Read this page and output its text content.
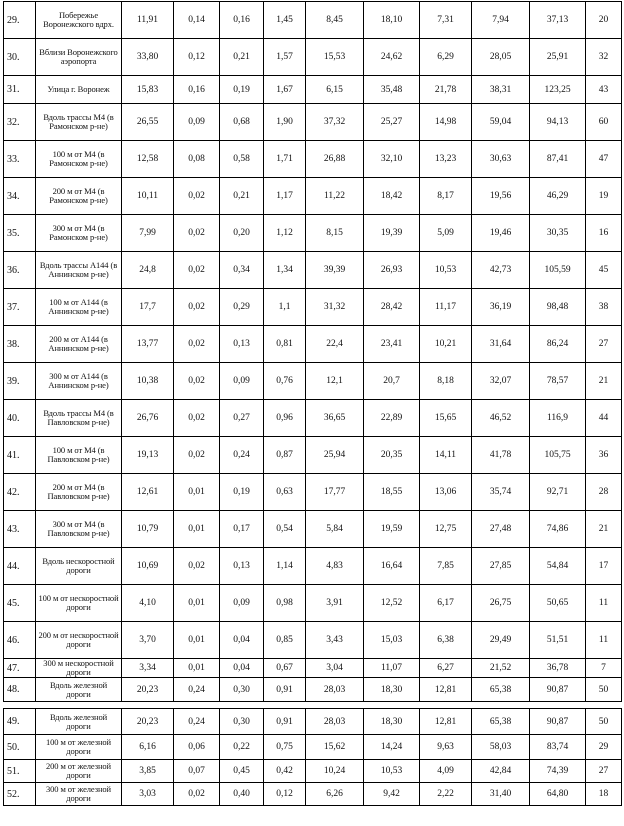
29.	Побережье Воронежского вдрх.	11,91	0,14	0,16	1,45	8,45	18,10	7,31	7,94	37,13	20
30.	Вблизи Воронежского аэропорта	33,80	0,12	0,21	1,57	15,53	24,62	6,29	28,05	25,91	32
31.	Улица г. Воронеж	15,83	0,16	0,19	1,67	6,15	35,48	21,78	38,31	123,25	43
32.	Вдоль трассы М4 (в Рамонском р-не)	26,55	0,09	0,68	1,90	37,32	25,27	14,98	59,04	94,13	60
33.	100 м от М4 (в Рамонском р-не)	12,58	0,08	0,58	1,71	26,88	32,10	13,23	30,63	87,41	47
34.	200 м от М4 (в Рамонском р-не)	10,11	0,02	0,21	1,17	11,22	18,42	8,17	19,56	46,29	19
35.	300 м от М4 (в Рамонском р-не)	7,99	0,02	0,20	1,12	8,15	19,39	5,09	19,46	30,35	16
36.	Вдоль трассы А144 (в Аннинском р-не)	24,8	0,02	0,34	1,34	39,39	26,93	10,53	42,73	105,59	45
37.	100 м от А144 (в Аннинском р-не)	17,7	0,02	0,29	1,1	31,32	28,42	11,17	36,19	98,48	38
38.	200 м от А144 (в Аннинском р-не)	13,77	0,02	0,13	0,81	22,4	23,41	10,21	31,64	86,24	27
39.	300 м от А144 (в Аннинском р-не)	10,38	0,02	0,09	0,76	12,1	20,7	8,18	32,07	78,57	21
40.	Вдоль трассы М4 (в Павловском р-не)	26,76	0,02	0,27	0,96	36,65	22,89	15,65	46,52	116,9	44
41.	100 м от М4 (в Павловском р-не)	19,13	0,02	0,24	0,87	25,94	20,35	14,11	41,78	105,75	36
42.	200 м от М4 (в Павловском р-не)	12,61	0,01	0,19	0,63	17,77	18,55	13,06	35,74	92,71	28
43.	300 м от М4 (в Павловском р-не)	10,79	0,01	0,17	0,54	5,84	19,59	12,75	27,48	74,86	21
44.	Вдоль нескоростной дороги	10,69	0,02	0,13	1,14	4,83	16,64	7,85	27,85	54,84	17
45.	100 м от нескоростной дороги	4,10	0,01	0,09	0,98	3,91	12,52	6,17	26,75	50,65	11
46.	200 м от нескоростной дороги	3,70	0,01	0,04	0,85	3,43	15,03	6,38	29,49	51,51	11
47.	300 м нескоростной дороги	3,34	0,01	0,04	0,67	3,04	11,07	6,27	21,52	36,78	7
48.	Вдоль железной дороги	20,23	0,24	0,30	0,91	28,03	18,30	12,81	65,38	90,87	50
49.	Вдоль железной дороги	20,23	0,24	0,30	0,91	28,03	18,30	12,81	65,38	90,87	50
50.	100 м от железной дороги	6,16	0,06	0,22	0,75	15,62	14,24	9,63	58,03	83,74	29
51.	200 м от железной дороги	3,85	0,07	0,45	0,42	10,24	10,53	4,09	42,84	74,39	27
52.	300 м от железной дороги	3,03	0,02	0,40	0,12	6,26	9,42	2,22	31,40	64,80	18
